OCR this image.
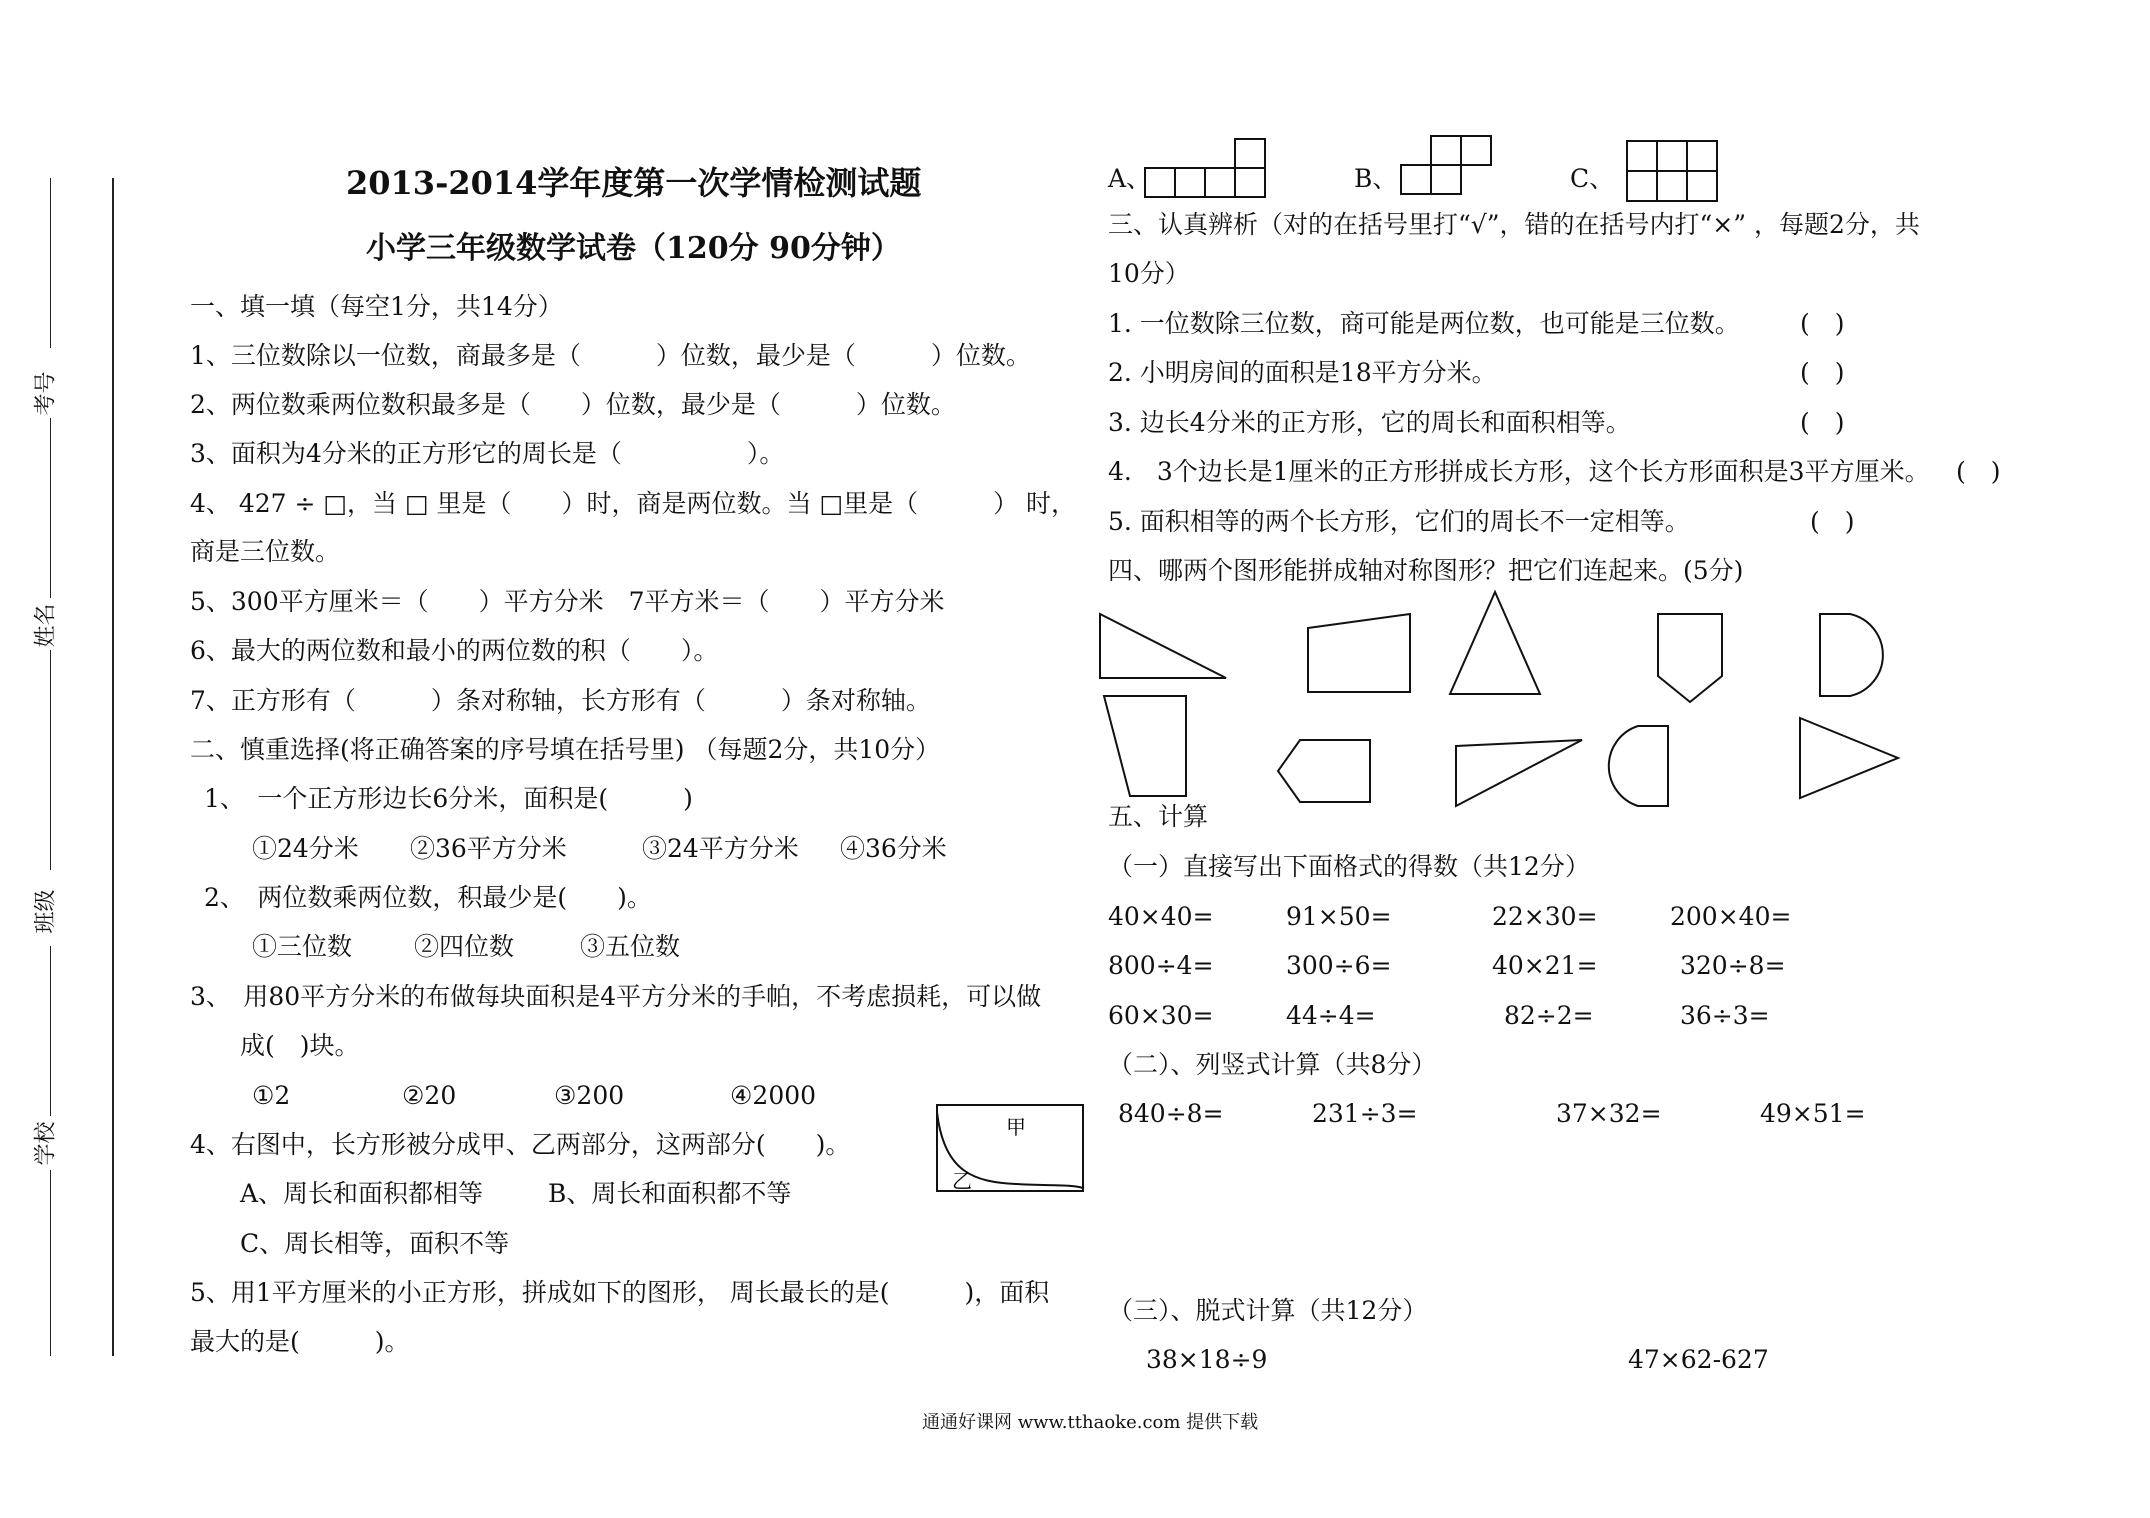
考号
姓名
班级
学校
2013-2014学年度第一次学情检测试题
小学三年级数学试卷（120分 90分钟）
一、填一填（每空1分，共14分）
1、三位数除以一位数，商最多是（　　　）位数，最少是（　　　）位数。
2、两位数乘两位数积最多是（　　）位数，最少是（　　　）位数。
3、面积为4分米的正方形它的周长是（　　　　　）。
4、 427 ÷ □，当 □ 里是（　　）时，商是两位数。当 □里是（　　　） 时，
商是三位数。
5、300平方厘米＝（　　）平方分米　7平方米＝（　　）平方分米
6、最大的两位数和最小的两位数的积（　　）。
7、正方形有（　　　）条对称轴，长方形有（　　　）条对称轴。
二、慎重选择(将正确答案的序号填在括号里) （每题2分，共10分）
1、　一个正方形边长6分米，面积是(　　　)
①24分米 ②36平方分米	③24平方分米 ④36分米
2、　两位数乘两位数，积最少是(　　)。
①三位数 ②四位数	③五位数
3、　用80平方分米的布做每块面积是4平方分米的手帕，不考虑损耗，可以做
成(　)块。
①2	②20	③200	④2000
4、右图中，长方形被分成甲、乙两部分，这两部分(　　)。
A、周长和面积都相等	B、周长和面积都不等
C、周长相等，面积不等
甲
乙
5、用1平方厘米的小正方形，拼成如下的图形， 周长最长的是(　　　)，面积
最大的是(　　　)。
A、	B、	C、
三、认真辨析（对的在括号里打“√”，错的在括号内打“×” ，每题2分，共
10分）
1. 一位数除三位数，商可能是两位数，也可能是三位数。 (　)
2. 小明房间的面积是18平方分米。	(　)
3. 边长4分米的正方形，它的周长和面积相等。	(　)
4.　3个边长是1厘米的正方形拼成长方形，这个长方形面积是3平方厘米。 (　)
5. 面积相等的两个长方形，它们的周长不一定相等。	(　)
四、哪两个图形能拼成轴对称图形？把它们连起来。(5分)
五、计算
（一）直接写出下面格式的得数（共12分）
40×40=	91×50=	22×30=	200×40=
800÷4=	300÷6=	40×21=	320÷8=
60×30=	44÷4=	82÷2=	36÷3=
（二）、列竖式计算（共8分）
840÷8=	231÷3=	37×32=	49×51=
（三）、脱式计算（共12分）
38×18÷9	47×62-627
通通好课网 www.tthaoke.com 提供下载
